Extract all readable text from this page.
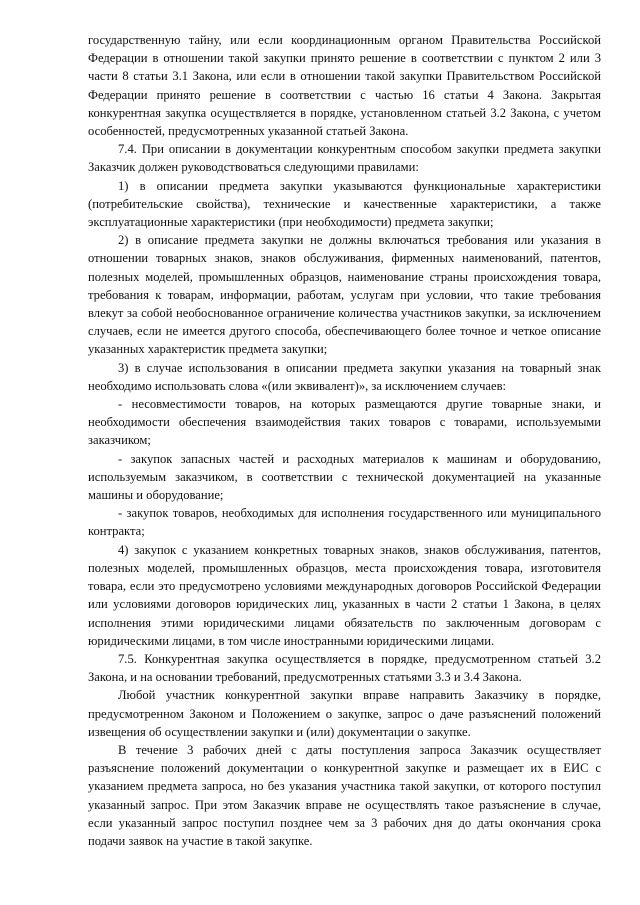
государственную тайну, или если координационным органом Правительства Российской Федерации в отношении такой закупки принято решение в соответствии с пунктом 2 или 3 части 8 статьи 3.1 Закона, или если в отношении такой закупки Правительством Российской Федерации принято решение в соответствии с частью 16 статьи 4 Закона. Закрытая конкурентная закупка осуществляется в порядке, установленном статьей 3.2 Закона, с учетом особенностей, предусмотренных указанной статьей Закона.

7.4. При описании в документации конкурентным способом закупки предмета закупки Заказчик должен руководствоваться следующими правилами:

1) в описании предмета закупки указываются функциональные характеристики (потребительские свойства), технические и качественные характеристики, а также эксплуатационные характеристики (при необходимости) предмета закупки;

2) в описание предмета закупки не должны включаться требования или указания в отношении товарных знаков, знаков обслуживания, фирменных наименований, патентов, полезных моделей, промышленных образцов, наименование страны происхождения товара, требования к товарам, информации, работам, услугам при условии, что такие требования влекут за собой необоснованное ограничение количества участников закупки, за исключением случаев, если не имеется другого способа, обеспечивающего более точное и четкое описание указанных характеристик предмета закупки;

3) в случае использования в описании предмета закупки указания на товарный знак необходимо использовать слова «(или эквивалент)», за исключением случаев:

- несовместимости товаров, на которых размещаются другие товарные знаки, и необходимости обеспечения взаимодействия таких товаров с товарами, используемыми заказчиком;

- закупок запасных частей и расходных материалов к машинам и оборудованию, используемым заказчиком, в соответствии с технической документацией на указанные машины и оборудование;

- закупок товаров, необходимых для исполнения государственного или муниципального контракта;

4) закупок с указанием конкретных товарных знаков, знаков обслуживания, патентов, полезных моделей, промышленных образцов, места происхождения товара, изготовителя товара, если это предусмотрено условиями международных договоров Российской Федерации или условиями договоров юридических лиц, указанных в части 2 статьи 1 Закона, в целях исполнения этими юридическими лицами обязательств по заключенным договорам с юридическими лицами, в том числе иностранными юридическими лицами.

7.5. Конкурентная закупка осуществляется в порядке, предусмотренном статьей 3.2 Закона, и на основании требований, предусмотренных статьями 3.3 и 3.4 Закона.

Любой участник конкурентной закупки вправе направить Заказчику в порядке, предусмотренном Законом и Положением о закупке, запрос о даче разъяснений положений извещения об осуществлении закупки и (или) документации о закупке.

В течение 3 рабочих дней с даты поступления запроса Заказчик осуществляет разъяснение положений документации о конкурентной закупке и размещает их в ЕИС с указанием предмета запроса, но без указания участника такой закупки, от которого поступил указанный запрос. При этом Заказчик вправе не осуществлять такое разъяснение в случае, если указанный запрос поступил позднее чем за 3 рабочих дня до даты окончания срока подачи заявок на участие в такой закупке.
